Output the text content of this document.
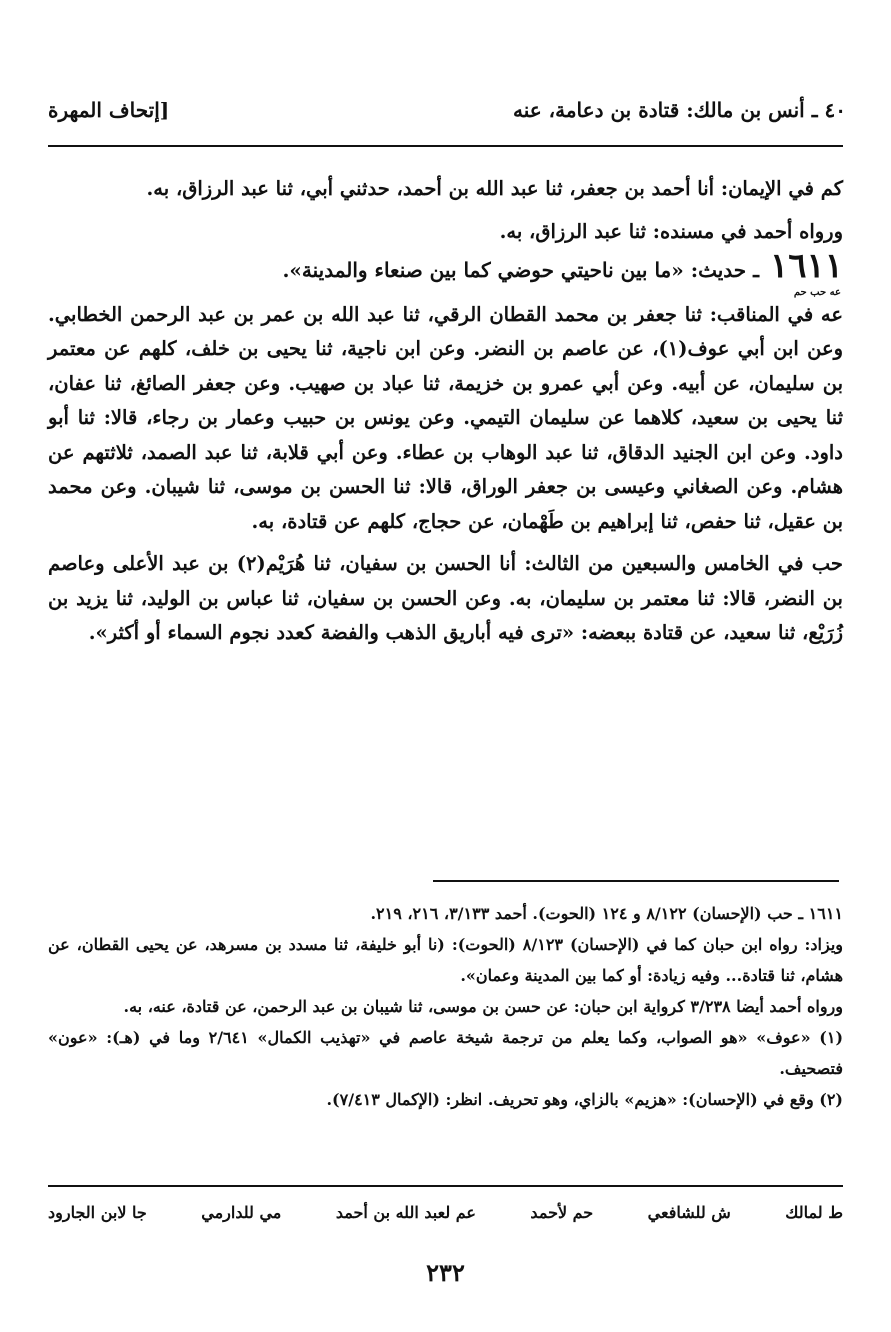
٤٠ ـ أنس بن مالك: قتادة بن دعامة، عنه
[إتحاف المهرة

كم في الإيمان: أنا أحمد بن جعفر، ثنا عبد الله بن أحمد، حدثني أبي، ثنا عبد الرزاق، به.

ورواه أحمد في مسنده: ثنا عبد الرزاق، به.

١٦١١ ـ حديث: «ما بين ناحيتي حوضي كما بين صنعاء والمدينة».

عه حب حم

عه في المناقب: ثنا جعفر بن محمد القطان الرقي، ثنا عبد الله بن عمر بن عبد الرحمن الخطابي. وعن ابن أبي عوف(١)، عن عاصم بن النضر. وعن ابن ناجية، ثنا يحيى بن خلف، كلهم عن معتمر بن سليمان، عن أبيه. وعن أبي عمرو بن خزيمة، ثنا عباد بن صهيب. وعن جعفر الصائغ، ثنا عفان، ثنا يحيى بن سعيد، كلاهما عن سليمان التيمي. وعن يونس بن حبيب وعمار بن رجاء، قالا: ثنا أبو داود. وعن ابن الجنيد الدقاق، ثنا عبد الوهاب بن عطاء. وعن أبي قلابة، ثنا عبد الصمد، ثلاثتهم عن هشام. وعن الصغاني وعيسى بن جعفر الوراق، قالا: ثنا الحسن بن موسى، ثنا شيبان. وعن محمد بن عقيل، ثنا حفص، ثنا إبراهيم بن طَهْمان، عن حجاج، كلهم عن قتادة، به.

حب في الخامس والسبعين من الثالث: أنا الحسن بن سفيان، ثنا هُرَيْم(٢) بن عبد الأعلى وعاصم بن النضر، قالا: ثنا معتمر بن سليمان، به. وعن الحسن بن سفيان، ثنا عباس بن الوليد، ثنا يزيد بن زُرَيْع، ثنا سعيد، عن قتادة ببعضه: «ترى فيه أباريق الذهب والفضة كعدد نجوم السماء أو أكثر».

١٦١١ ـ حب (الإحسان) ٨/١٢٢ و ١٢٤ (الحوت). أحمد ٣/١٣٣، ٢١٦، ٢١٩.

ويزاد: رواه ابن حبان كما في (الإحسان) ٨/١٢٣ (الحوت): (نا أبو خليفة، ثنا مسدد بن مسرهد، عن يحيى القطان، عن هشام، ثنا قتادة... وفيه زيادة: أو كما بين المدينة وعمان».

ورواه أحمد أيضا ٣/٢٣٨ كرواية ابن حبان: عن حسن بن موسى، ثنا شيبان بن عبد الرحمن، عن قتادة، عنه، به.

(١) «عوف» «هو الصواب، وكما يعلم من ترجمة شيخة عاصم في «تهذيب الكمال» ٢/٦٤١ وما في (هـ): «عون» فتصحيف.

(٢) وقع في (الإحسان): «هزيم» بالزاي، وهو تحريف. انظر: (الإكمال ٧/٤١٣).

ط لمالك
ش للشافعي
حم لأحمد
عم لعبد الله بن أحمد
مي للدارمي
جا لابن الجارود
٢٣٢
